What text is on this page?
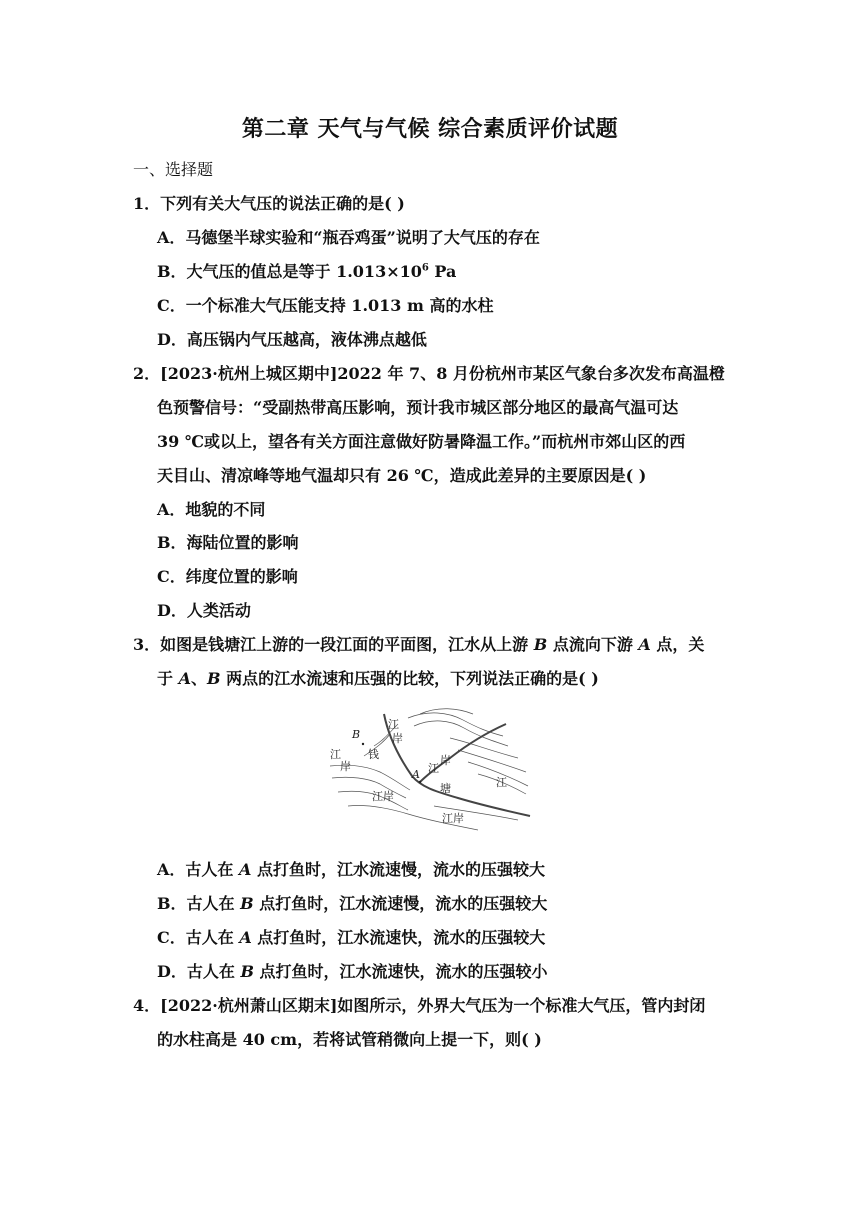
第二章 天气与气候 综合素质评价试题
一、选择题
1．下列有关大气压的说法正确的是( )
A．马德堡半球实验和“瓶吞鸡蛋”说明了大气压的存在
B．大气压的值总是等于 $1.013\times 10^6$ Pa
C．一个标准大气压能支持 1.013 m 高的水柱
D．高压锅内气压越高，液体沸点越低
2．[2023·杭州上城区期中]2022 年 7、8 月份杭州市某区气象台多次发布高温橙
色预警信号：“受副热带高压影响，预计我市城区部分地区的最高气温可达
39 ℃或以上，望各有关方面注意做好防暑降温工作。”而杭州市郊山区的西
天目山、清凉峰等地气温却只有 26 ℃，造成此差异的主要原因是( )
A．地貌的不同
B．海陆位置的影响
C．纬度位置的影响
D．人类活动
3．如图是钱塘江上游的一段江面的平面图，江水从上游 B 点流向下游 A 点，关
于 A、B 两点的江水流速和压强的比较，下列说法正确的是( )
江
岸
江
岸
钱
江
岸
塘	江
江岸
江岸
B
A
A．古人在 A 点打鱼时，江水流速慢，流水的压强较大
B．古人在 B 点打鱼时，江水流速慢，流水的压强较大
C．古人在 A 点打鱼时，江水流速快，流水的压强较大
D．古人在 B 点打鱼时，江水流速快，流水的压强较小
4．[2022·杭州萧山区期末]如图所示，外界大气压为一个标准大气压，管内封闭
的水柱高是 40 cm，若将试管稍微向上提一下，则( )
